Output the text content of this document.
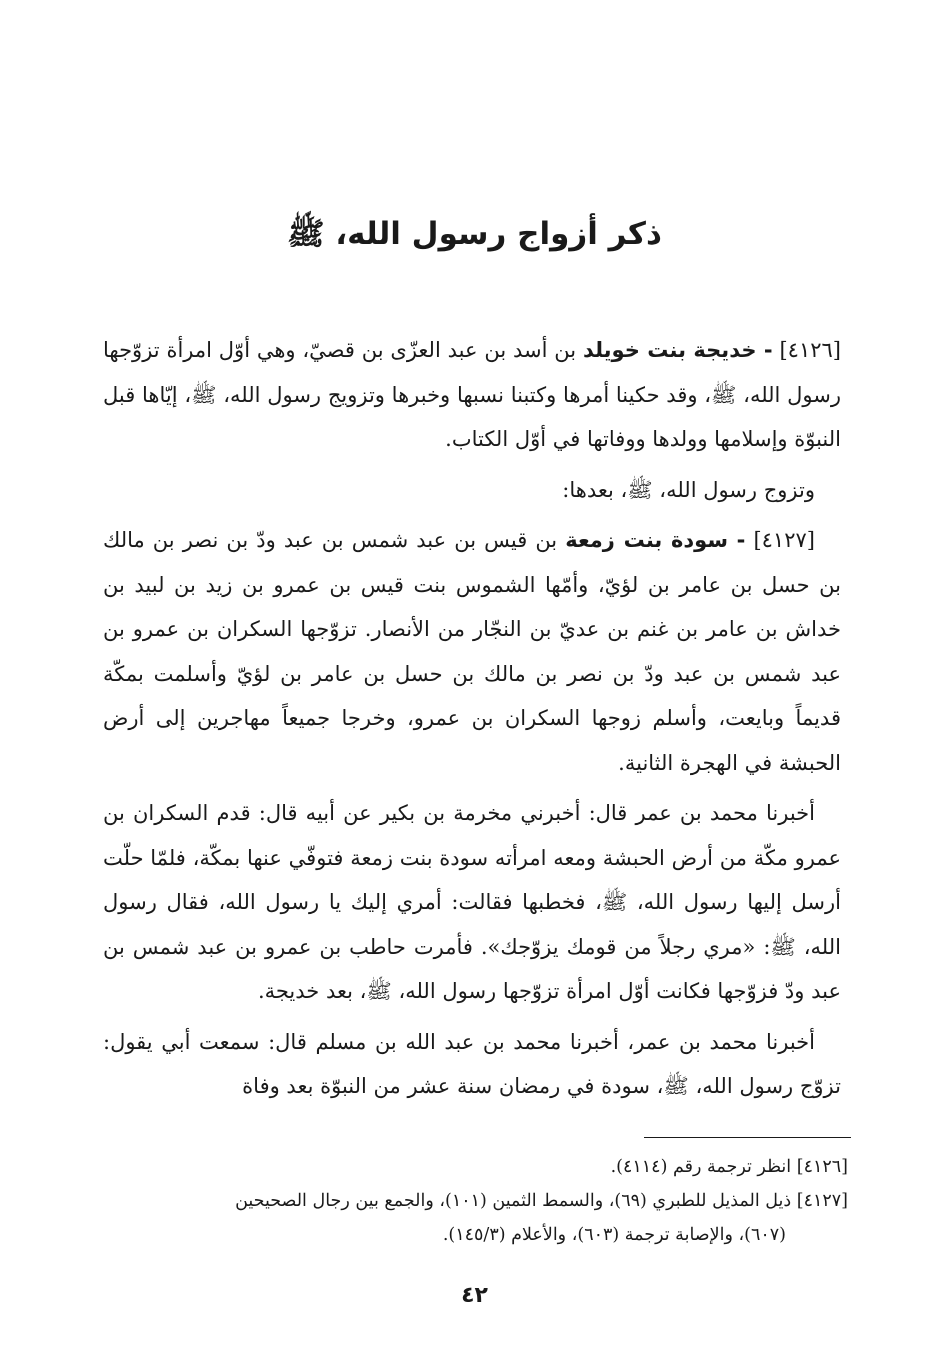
ذكر أزواج رسول الله، ﷺ

[٤١٢٦] - خديجة بنت خويلد بن أسد بن عبد العزّى بن قصيّ، وهي أوّل امرأة تزوّجها رسول الله، ﷺ، وقد حكينا أمرها وكتبنا نسبها وخبرها وتزويج رسول الله، ﷺ، إيّاها قبل النبوّة وإسلامها وولدها ووفاتها في أوّل الكتاب.

وتزوج رسول الله، ﷺ، بعدها:

[٤١٢٧] - سودة بنت زمعة بن قيس بن عبد شمس بن عبد ودّ بن نصر بن مالك بن حسل بن عامر بن لؤيّ، وأمّها الشموس بنت قيس بن عمرو بن زيد بن لبيد بن خداش بن عامر بن غنم بن عديّ بن النجّار من الأنصار. تزوّجها السكران بن عمرو بن عبد شمس بن عبد ودّ بن نصر بن مالك بن حسل بن عامر بن لؤيّ وأسلمت بمكّة قديماً وبايعت، وأسلم زوجها السكران بن عمرو، وخرجا جميعاً مهاجرين إلى أرض الحبشة في الهجرة الثانية.

أخبرنا محمد بن عمر قال: أخبرني مخرمة بن بكير عن أبيه قال: قدم السكران بن عمرو مكّة من أرض الحبشة ومعه امرأته سودة بنت زمعة فتوفّي عنها بمكّة، فلمّا حلّت أرسل إليها رسول الله، ﷺ، فخطبها فقالت: أمري إليك يا رسول الله، فقال رسول الله، ﷺ: «مري رجلاً من قومك يزوّجك». فأمرت حاطب بن عمرو بن عبد شمس بن عبد ودّ فزوّجها فكانت أوّل امرأة تزوّجها رسول الله، ﷺ، بعد خديجة.

أخبرنا محمد بن عمر، أخبرنا محمد بن عبد الله بن مسلم قال: سمعت أبي يقول: تزوّج رسول الله، ﷺ، سودة في رمضان سنة عشر من النبوّة بعد وفاة

[٤١٢٦] انظر ترجمة رقم (٤١١٤).

[٤١٢٧] ذيل المذيل للطبري (٦٩)، والسمط الثمين (١٠١)، والجمع بين رجال الصحيحين

(٦٠٧)، والإصابة ترجمة (٦٠٣)، والأعلام (١٤٥/٣).

٤٢
